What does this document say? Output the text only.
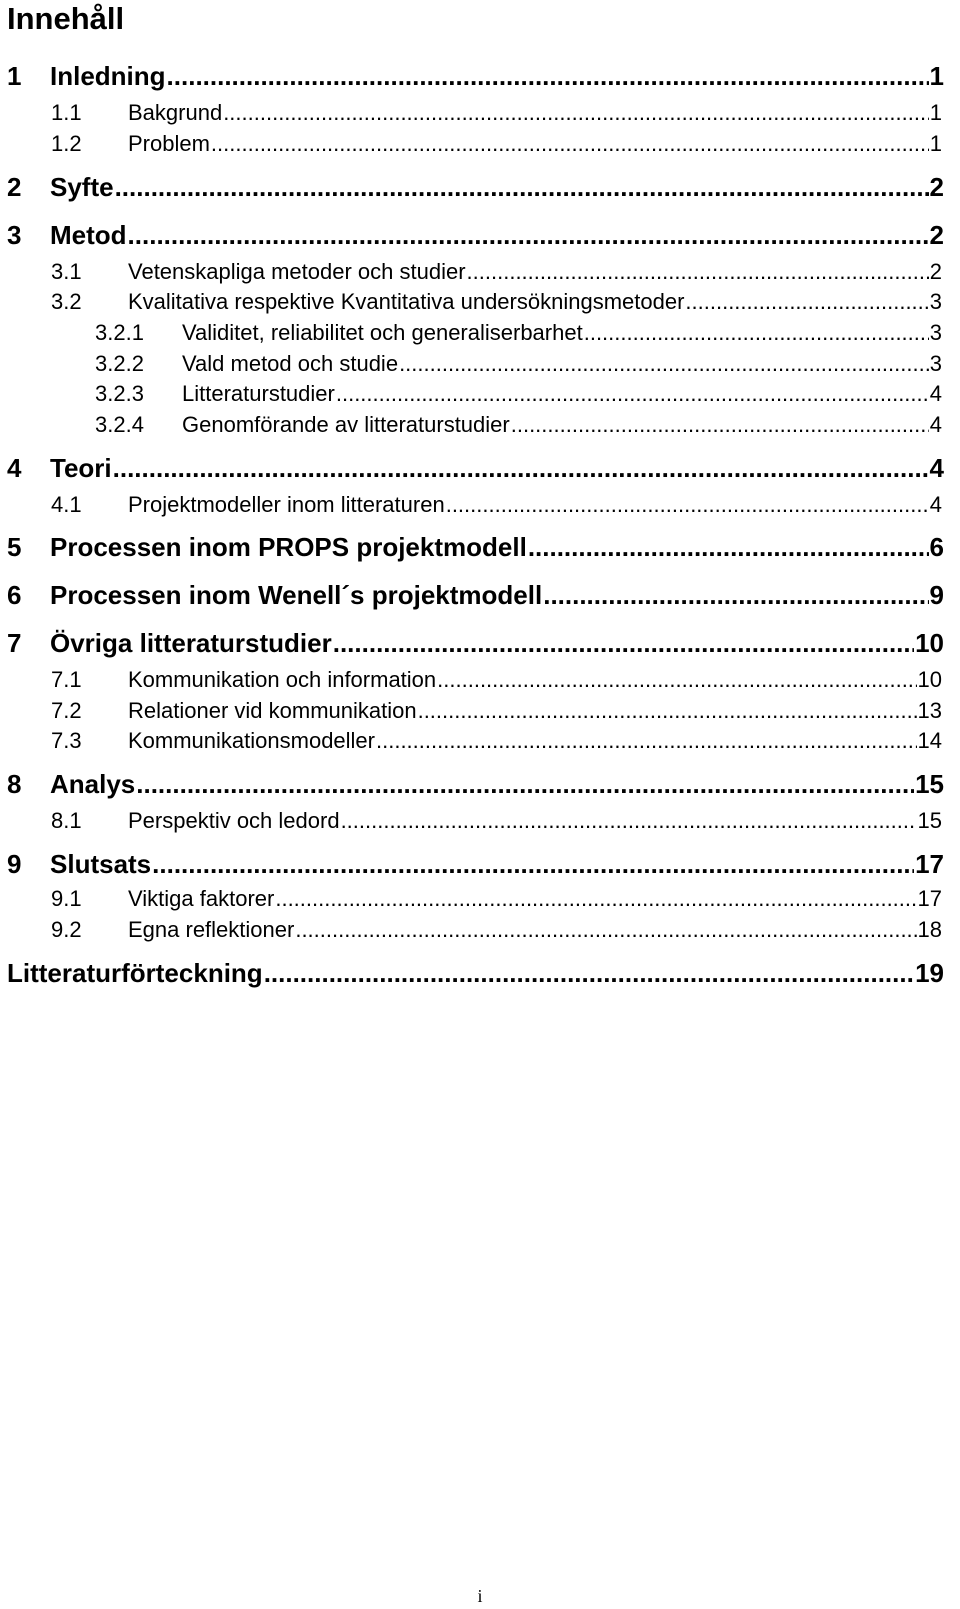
Innehåll
1 Inledning .....	1
1.1 Bakgrund .....	1
1.2 Problem .....	1
2 Syfte .....	2
3 Metod .....	2
3.1 Vetenskapliga metoder och studier .....	2
3.2 Kvalitativa respektive Kvantitativa undersökningsmetoder .....	3
3.2.1 Validitet, reliabilitet och generaliserbarhet .....	3
3.2.2 Vald metod och studie .....	3
3.2.3 Litteraturstudier .....	4
3.2.4 Genomförande av litteraturstudier .....	4
4 Teori .....	4
4.1 Projektmodeller inom litteraturen .....	4
5 Processen inom PROPS projektmodell .....	6
6 Processen inom Wenell´s projektmodell .....	9
7 Övriga litteraturstudier .....	10
7.1 Kommunikation och information .....	10
7.2 Relationer vid kommunikation .....	13
7.3 Kommunikationsmodeller .....	14
8 Analys .....	15
8.1 Perspektiv och ledord .....	15
9 Slutsats .....	17
9.1 Viktiga faktorer .....	17
9.2 Egna reflektioner .....	18
Litteraturförteckning .....	19
i
